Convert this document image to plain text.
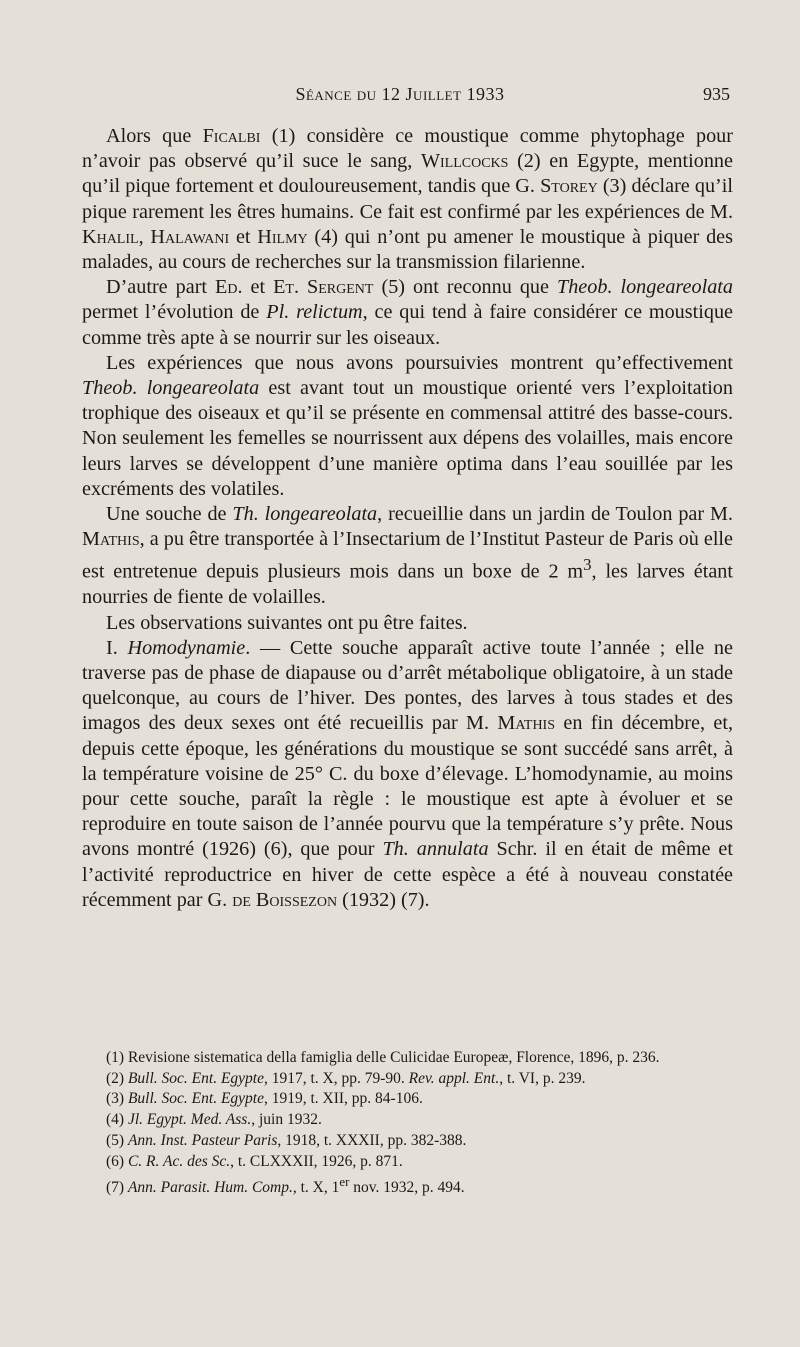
Séance du 12 Juillet 1933	935

Alors que Ficalbi (1) considère ce moustique comme phytophage pour n’avoir pas observé qu’il suce le sang, Willcocks (2) en Egypte, mentionne qu’il pique fortement et douloureusement, tandis que G. Storey (3) déclare qu’il pique rarement les êtres humains. Ce fait est confirmé par les expériences de M. Khalil, Halawani et Hilmy (4) qui n’ont pu amener le moustique à piquer des malades, au cours de recherches sur la transmission filarienne.

D’autre part Ed. et Et. Sergent (5) ont reconnu que Theob. longeareolata permet l’évolution de Pl. relictum, ce qui tend à faire considérer ce moustique comme très apte à se nourrir sur les oiseaux.

Les expériences que nous avons poursuivies montrent qu’effectivement Theob. longeareolata est avant tout un moustique orienté vers l’exploitation trophique des oiseaux et qu’il se présente en commensal attitré des basse-cours. Non seulement les femelles se nourrissent aux dépens des volailles, mais encore leurs larves se développent d’une manière optima dans l’eau souillée par les excréments des volatiles.

Une souche de Th. longeareolata, recueillie dans un jardin de Toulon par M. Mathis, a pu être transportée à l’Insectarium de l’Institut Pasteur de Paris où elle est entretenue depuis plusieurs mois dans un boxe de 2 $m^3$, les larves étant nourries de fiente de volailles.

Les observations suivantes ont pu être faites.

I. Homodynamie. — Cette souche apparaît active toute l’année ; elle ne traverse pas de phase de diapause ou d’arrêt métabolique obligatoire, à un stade quelconque, au cours de l’hiver. Des pontes, des larves à tous stades et des imagos des deux sexes ont été recueillis par M. Mathis en fin décembre, et, depuis cette époque, les générations du moustique se sont succédé sans arrêt, à la température voisine de 25° C. du boxe d’élevage. L’homodynamie, au moins pour cette souche, paraît la règle : le moustique est apte à évoluer et se reproduire en toute saison de l’année pourvu que la température s’y prête. Nous avons montré (1926) (6), que pour Th. annulata Schr. il en était de même et l’activité reproductrice en hiver de cette espèce a été à nouveau constatée récemment par G. de Boissezon (1932) (7).

(1) Revisione sistematica della famiglia delle Culicidae Europeæ, Florence, 1896, p. 236.

(2) Bull. Soc. Ent. Egypte, 1917, t. X, pp. 79-90. Rev. appl. Ent., t. VI, p. 239.

(3) Bull. Soc. Ent. Egypte, 1919, t. XII, pp. 84-106.

(4) Jl. Egypt. Med. Ass., juin 1932.

(5) Ann. Inst. Pasteur Paris, 1918, t. XXXII, pp. 382-388.

(6) C. R. Ac. des Sc., t. CLXXXII, 1926, p. 871.

(7) Ann. Parasit. Hum. Comp., t. X, 1er nov. 1932, p. 494.
